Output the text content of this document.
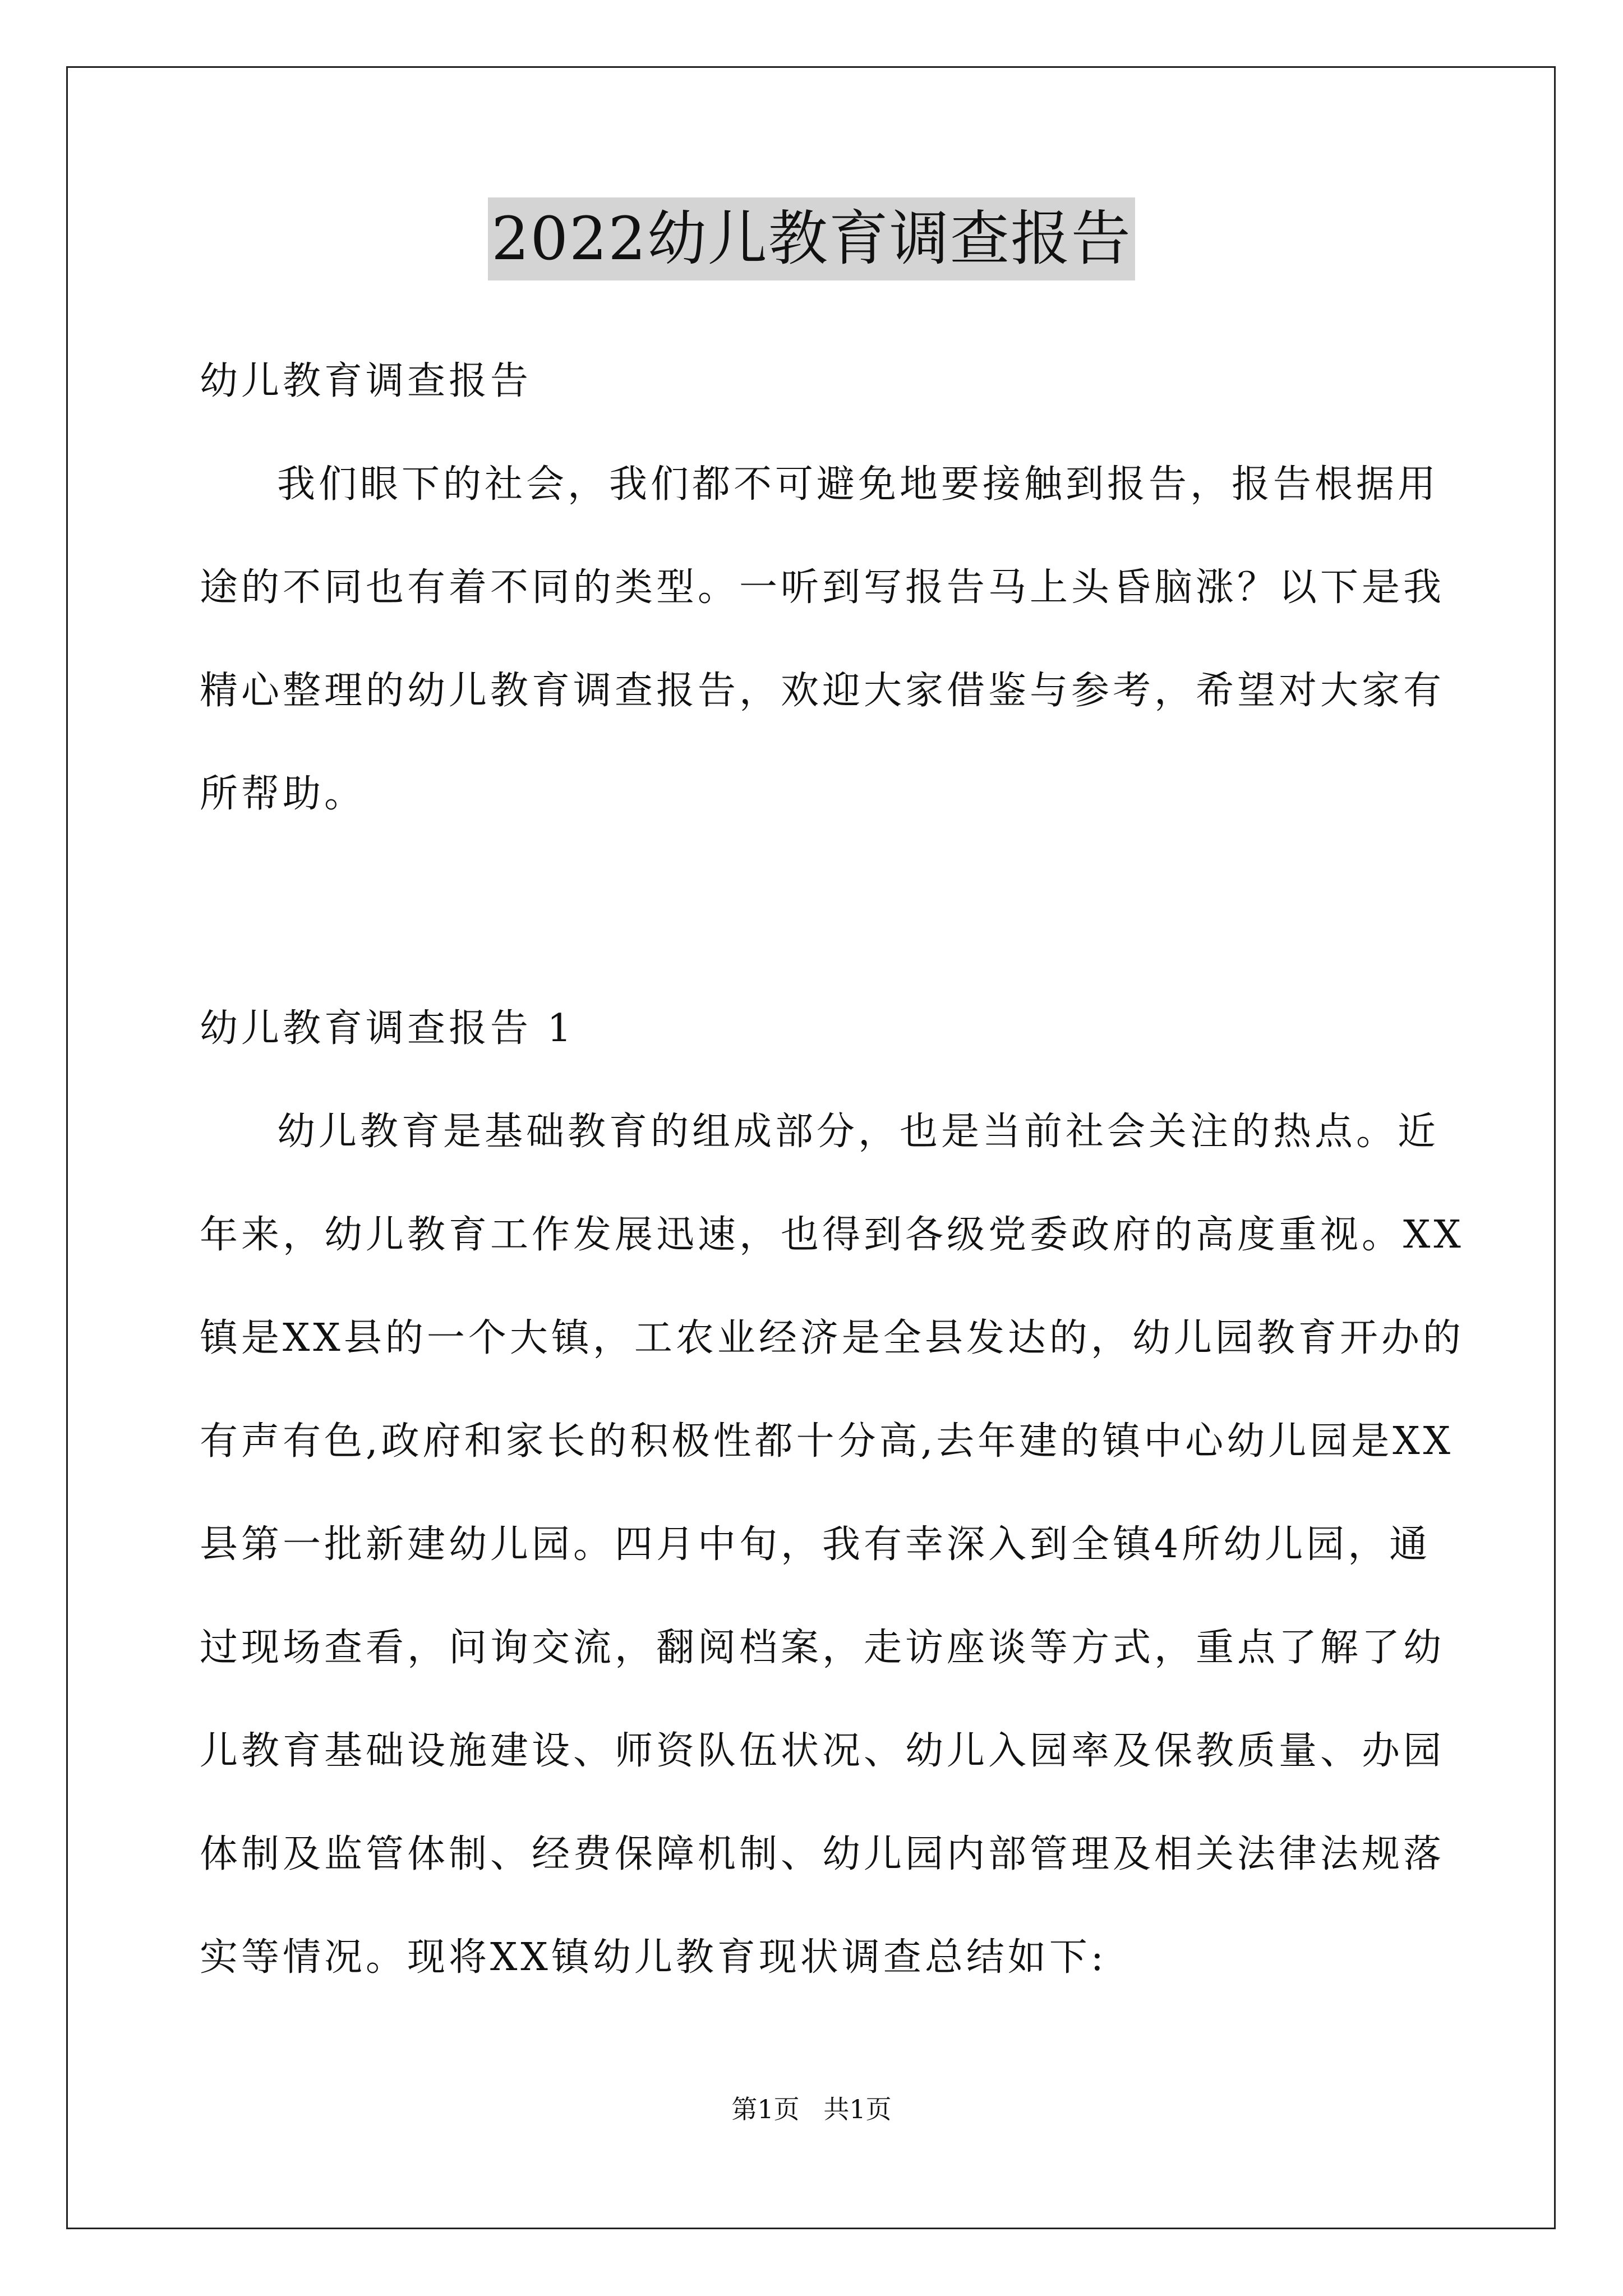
2022幼儿教育调查报告
幼儿教育调查报告
我们眼下的社会，我们都不可避免地要接触到报告，报告根据用
途的不同也有着不同的类型。一听到写报告马上头昏脑涨？以下是我
精心整理的幼儿教育调查报告，欢迎大家借鉴与参考，希望对大家有
所帮助。
幼儿教育调查报告 1
幼儿教育是基础教育的组成部分，也是当前社会关注的热点。近
年来，幼儿教育工作发展迅速，也得到各级党委政府的高度重视。XX
镇是XX县的一个大镇，工农业经济是全县发达的，幼儿园教育开办的
有声有色,政府和家长的积极性都十分高,去年建的镇中心幼儿园是XX
县第一批新建幼儿园。四月中旬，我有幸深入到全镇4所幼儿园，通
过现场查看，问询交流，翻阅档案，走访座谈等方式，重点了解了幼
儿教育基础设施建设、师资队伍状况、幼儿入园率及保教质量、办园
体制及监管体制、经费保障机制、幼儿园内部管理及相关法律法规落
实等情况。现将XX镇幼儿教育现状调查总结如下:
第1页 共1页
